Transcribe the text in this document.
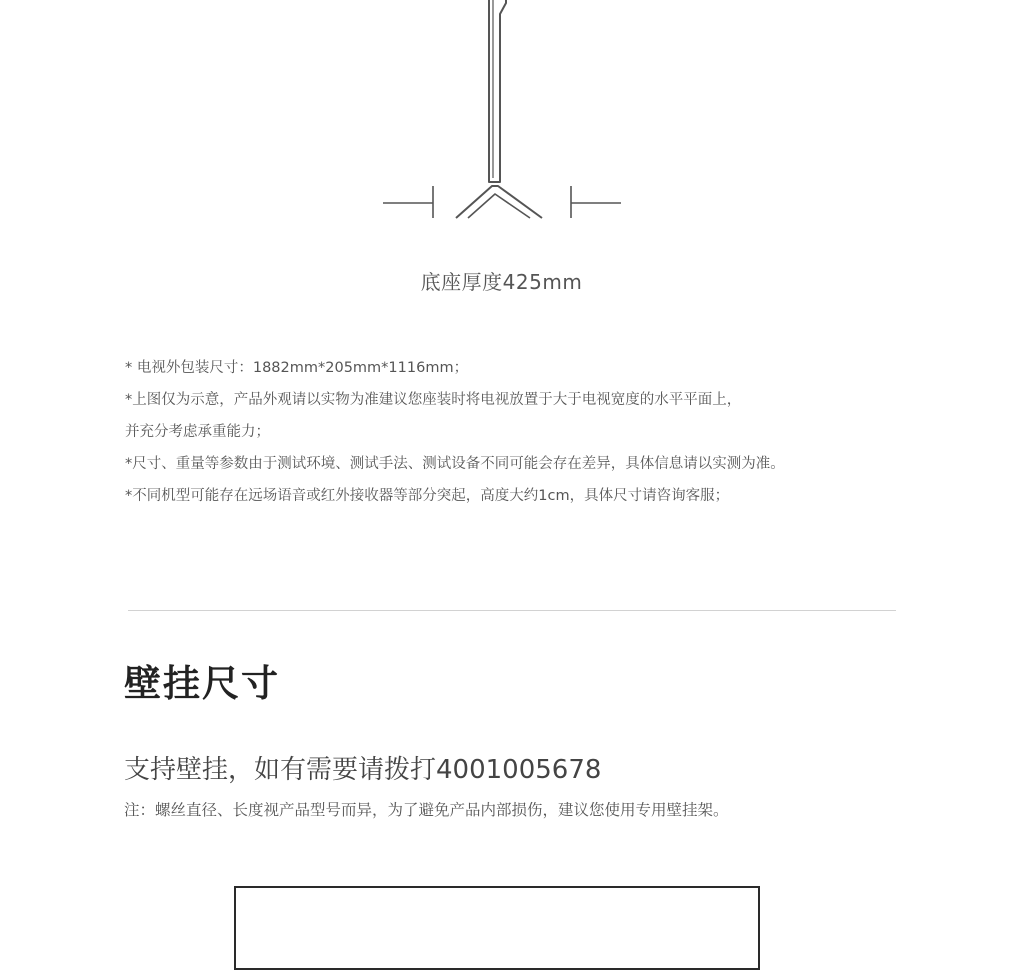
底座厚度425mm
* 电视外包装尺寸：1882mm*205mm*1116mm；
*上图仅为示意，产品外观请以实物为准建议您座装时将电视放置于大于电视宽度的水平平面上，
并充分考虑承重能力；
*尺寸、重量等参数由于测试环境、测试手法、测试设备不同可能会存在差异，具体信息请以实测为准。
*不同机型可能存在远场语音或红外接收器等部分突起，高度大约1cm，具体尺寸请咨询客服；
壁挂尺寸
支持壁挂，如有需要请拨打4001005678
注：螺丝直径、长度视产品型号而异，为了避免产品内部损伤，建议您使用专用壁挂架。
